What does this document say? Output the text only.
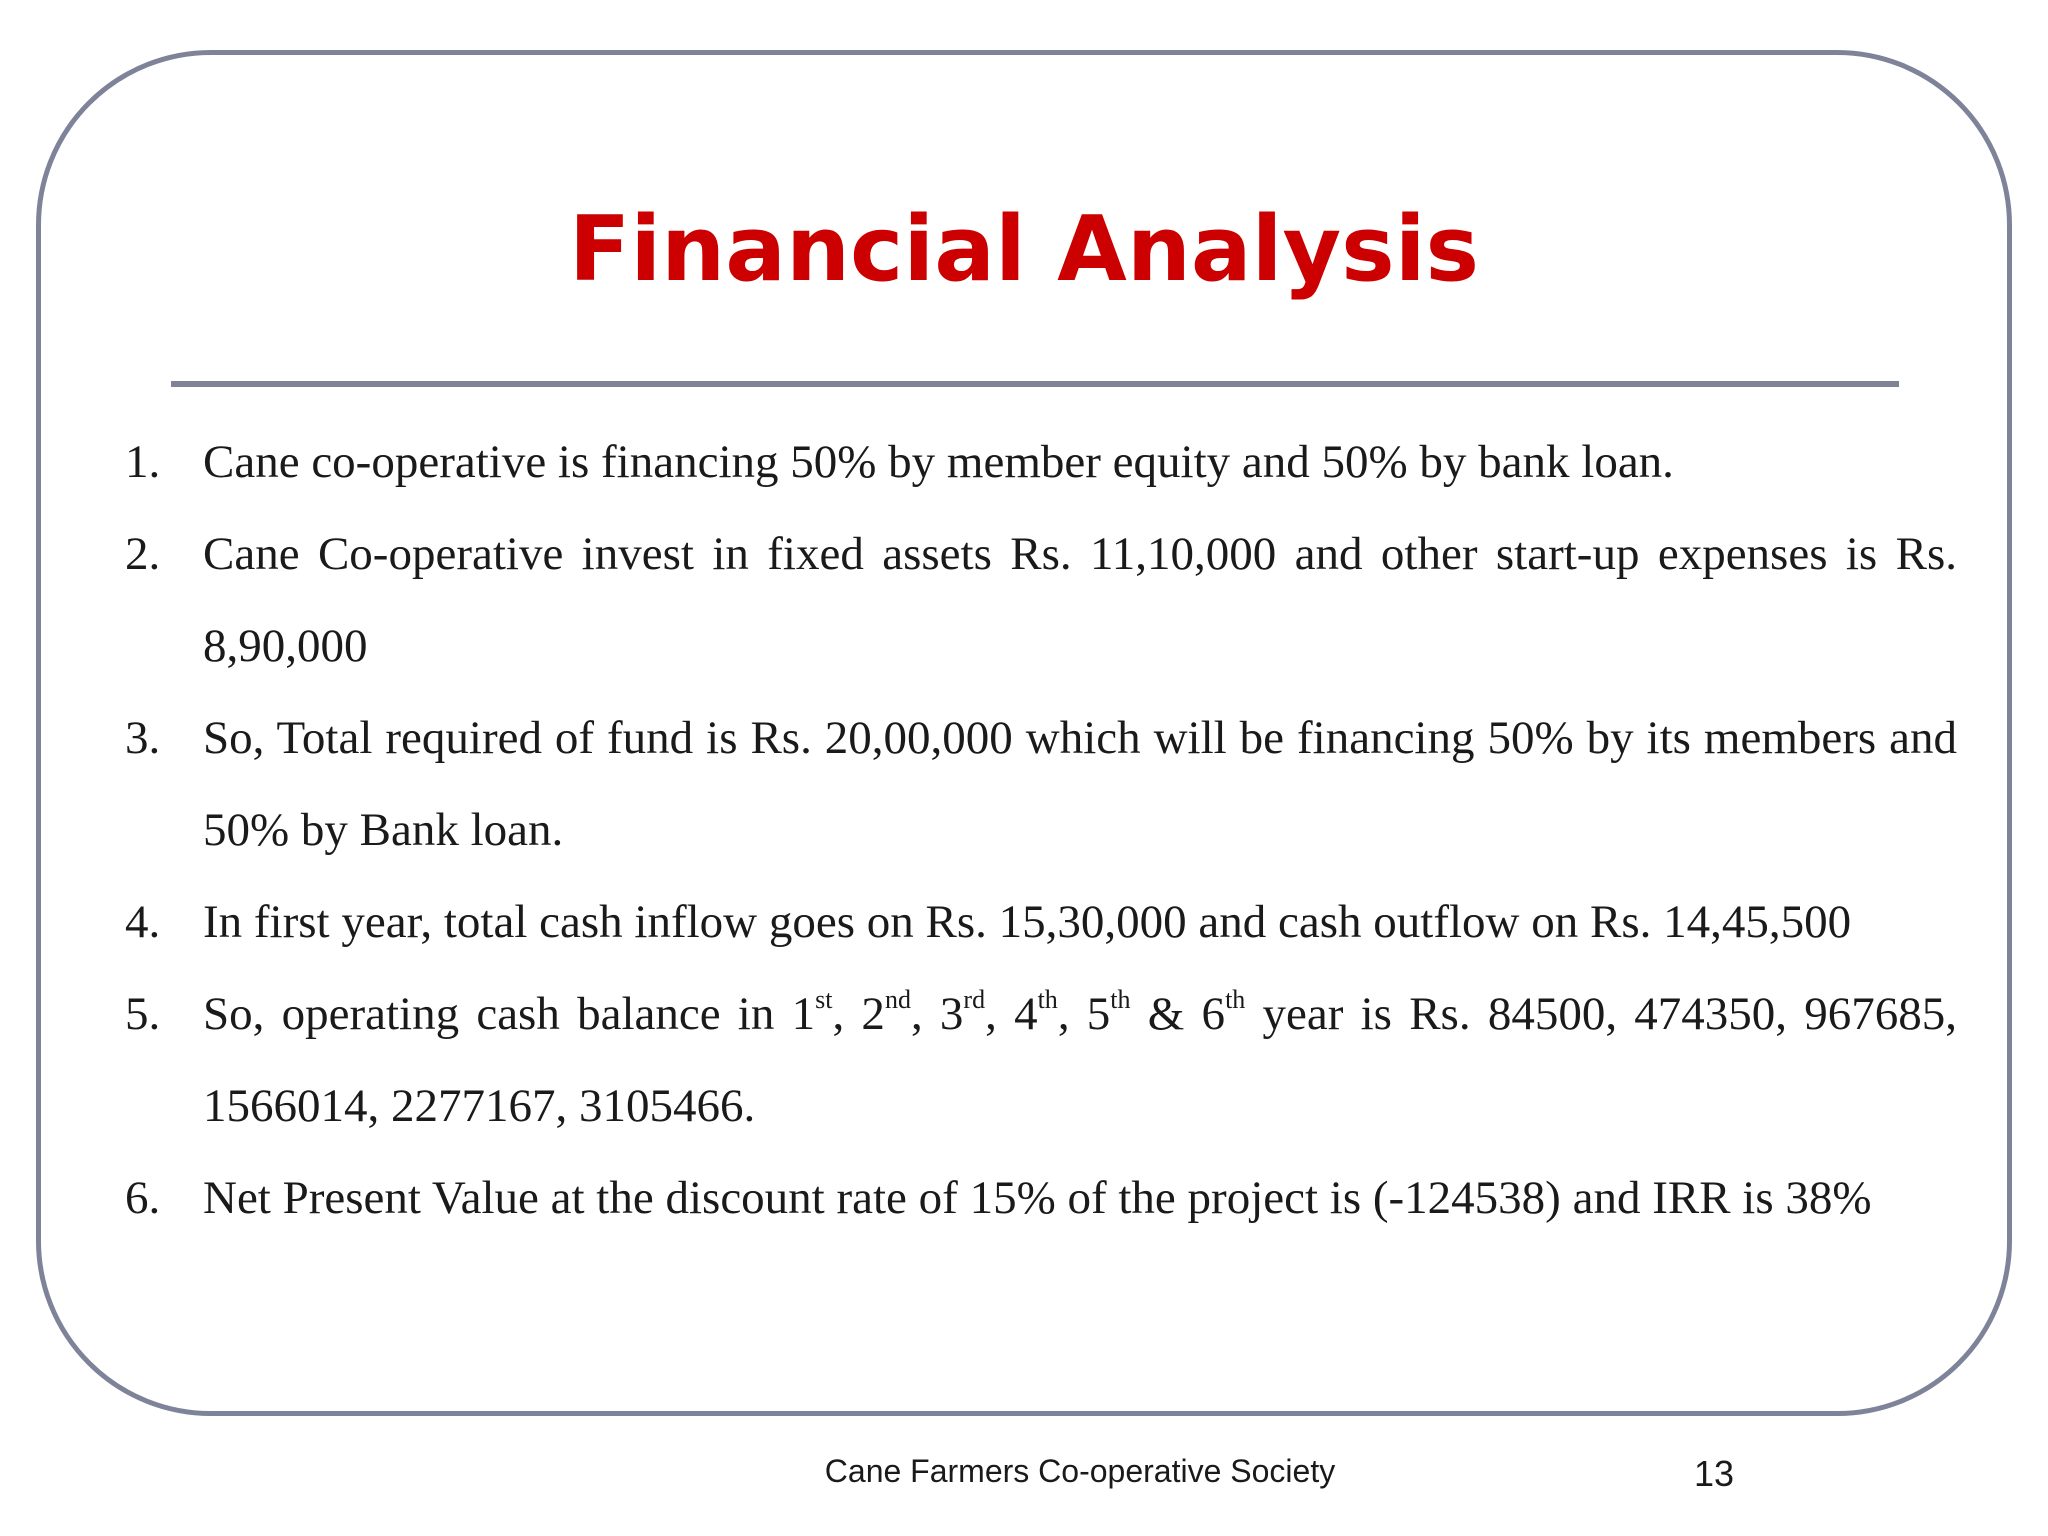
Financial Analysis
1. Cane co-operative is financing 50% by member equity and 50% by bank loan.
2. Cane Co-operative invest in fixed assets Rs. 11,10,000 and other start-up expenses is Rs. 8,90,000
3. So, Total required of fund is Rs. 20,00,000 which will be financing 50% by its members and 50% by Bank loan.
4. In first year, total cash inflow goes on Rs. 15,30,000 and cash outflow on Rs. 14,45,500
5. So, operating cash balance in 1st, 2nd, 3rd, 4th, 5th & 6th year is Rs. 84500, 474350, 967685, 1566014, 2277167, 3105466.
6. Net Present Value at the discount rate of 15% of the project is (-124538) and IRR is 38%
Cane Farmers Co-operative Society	13
